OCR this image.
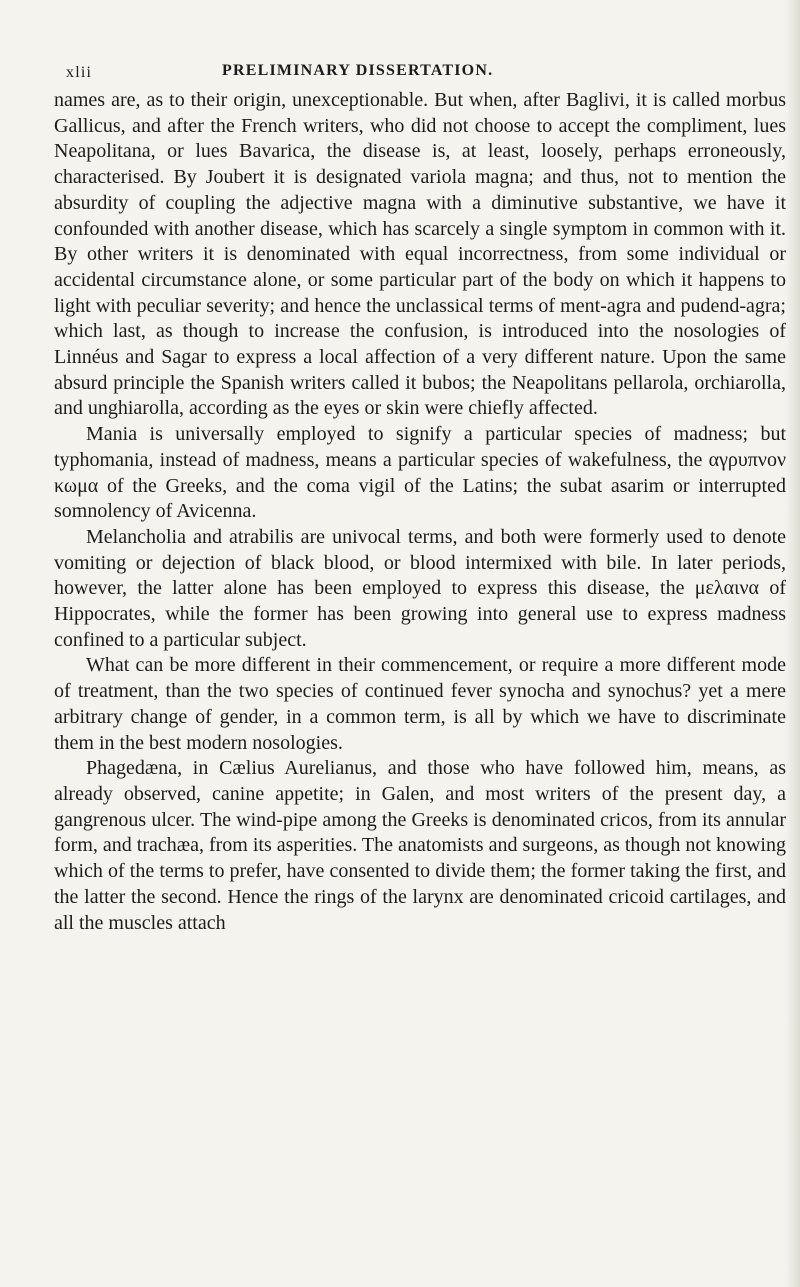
xlii	PRELIMINARY DISSERTATION.

names are, as to their origin, unexceptionable. But when, after Baglivi, it is called morbus Gallicus, and after the French writers, who did not choose to accept the compliment, lues Neapolitana, or lues Bavarica, the disease is, at least, loosely, perhaps erroneously, characterised. By Joubert it is designated variola magna; and thus, not to mention the absurdity of coupling the adjective magna with a diminutive substantive, we have it confounded with another disease, which has scarcely a single symptom in common with it. By other writers it is denominated with equal incorrectness, from some individual or accidental circumstance alone, or some particular part of the body on which it happens to light with peculiar severity; and hence the unclassical terms of ment-agra and pudend-agra; which last, as though to increase the confusion, is introduced into the nosologies of Linnéus and Sagar to express a local affection of a very different nature. Upon the same absurd principle the Spanish writers called it bubos; the Neapolitans pellarola, orchiarolla, and unghiarolla, according as the eyes or skin were chiefly affected.

Mania is universally employed to signify a particular species of madness; but typhomania, instead of madness, means a particular species of wakefulness, the αγρυπνον κωμα of the Greeks, and the coma vigil of the Latins; the subat asarim or interrupted somnolency of Avicenna.

Melancholia and atrabilis are univocal terms, and both were formerly used to denote vomiting or dejection of black blood, or blood intermixed with bile. In later periods, however, the latter alone has been employed to express this disease, the μελαινα of Hippocrates, while the former has been growing into general use to express madness confined to a particular subject.

What can be more different in their commencement, or require a more different mode of treatment, than the two species of continued fever synocha and synochus? yet a mere arbitrary change of gender, in a common term, is all by which we have to discriminate them in the best modern nosologies.

Phagedæna, in Cælius Aurelianus, and those who have followed him, means, as already observed, canine appetite; in Galen, and most writers of the present day, a gangrenous ulcer. The wind-pipe among the Greeks is denominated cricos, from its annular form, and trachæa, from its asperities. The anatomists and surgeons, as though not knowing which of the terms to prefer, have consented to divide them; the former taking the first, and the latter the second. Hence the rings of the larynx are denominated cricoid cartilages, and all the muscles attach
